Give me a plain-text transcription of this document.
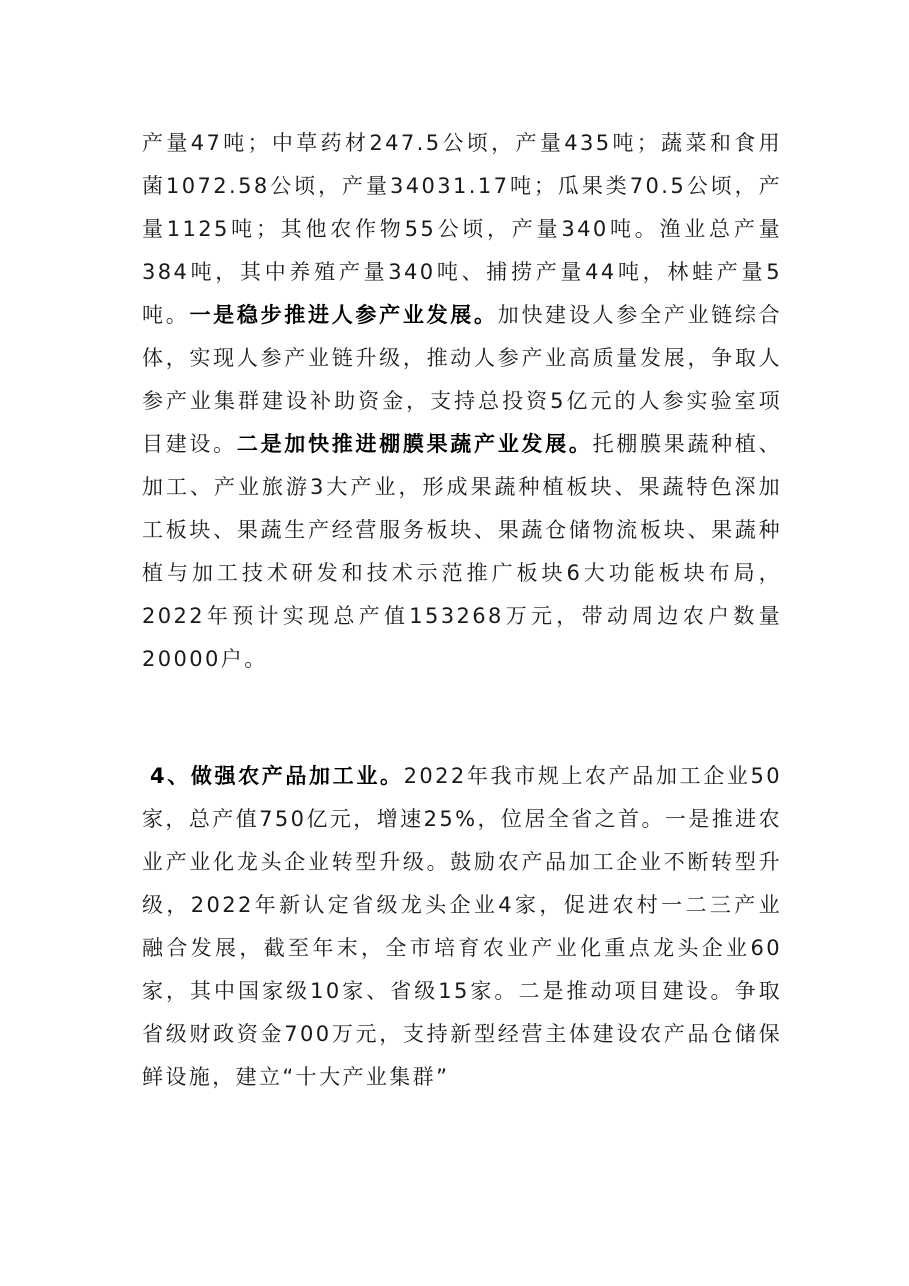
产量47吨；中草药材247.5公顷，产量435吨；蔬菜和食用菌1072.58公顷，产量34031.17吨；瓜果类70.5公顷，产量1125吨；其他农作物55公顷，产量340吨。渔业总产量384吨，其中养殖产量340吨、捕捞产量44吨，林蛙产量5吨。一是稳步推进人参产业发展。加快建设人参全产业链综合体，实现人参产业链升级，推动人参产业高质量发展，争取人参产业集群建设补助资金，支持总投资5亿元的人参实验室项目建设。二是加快推进棚膜果蔬产业发展。托棚膜果蔬种植、加工、产业旅游3大产业，形成果蔬种植板块、果蔬特色深加工板块、果蔬生产经营服务板块、果蔬仓储物流板块、果蔬种植与加工技术研发和技术示范推广板块6大功能板块布局，2022年预计实现总产值153268万元，带动周边农户数量20000户。

4、做强农产品加工业。2022年我市规上农产品加工企业50家，总产值750亿元，增速25%，位居全省之首。一是推进农业产业化龙头企业转型升级。鼓励农产品加工企业不断转型升级，2022年新认定省级龙头企业4家，促进农村一二三产业融合发展，截至年末，全市培育农业产业化重点龙头企业60家，其中国家级10家、省级15家。二是推动项目建设。争取省级财政资金700万元，支持新型经营主体建设农产品仓储保鲜设施，建立“十大产业集群”
